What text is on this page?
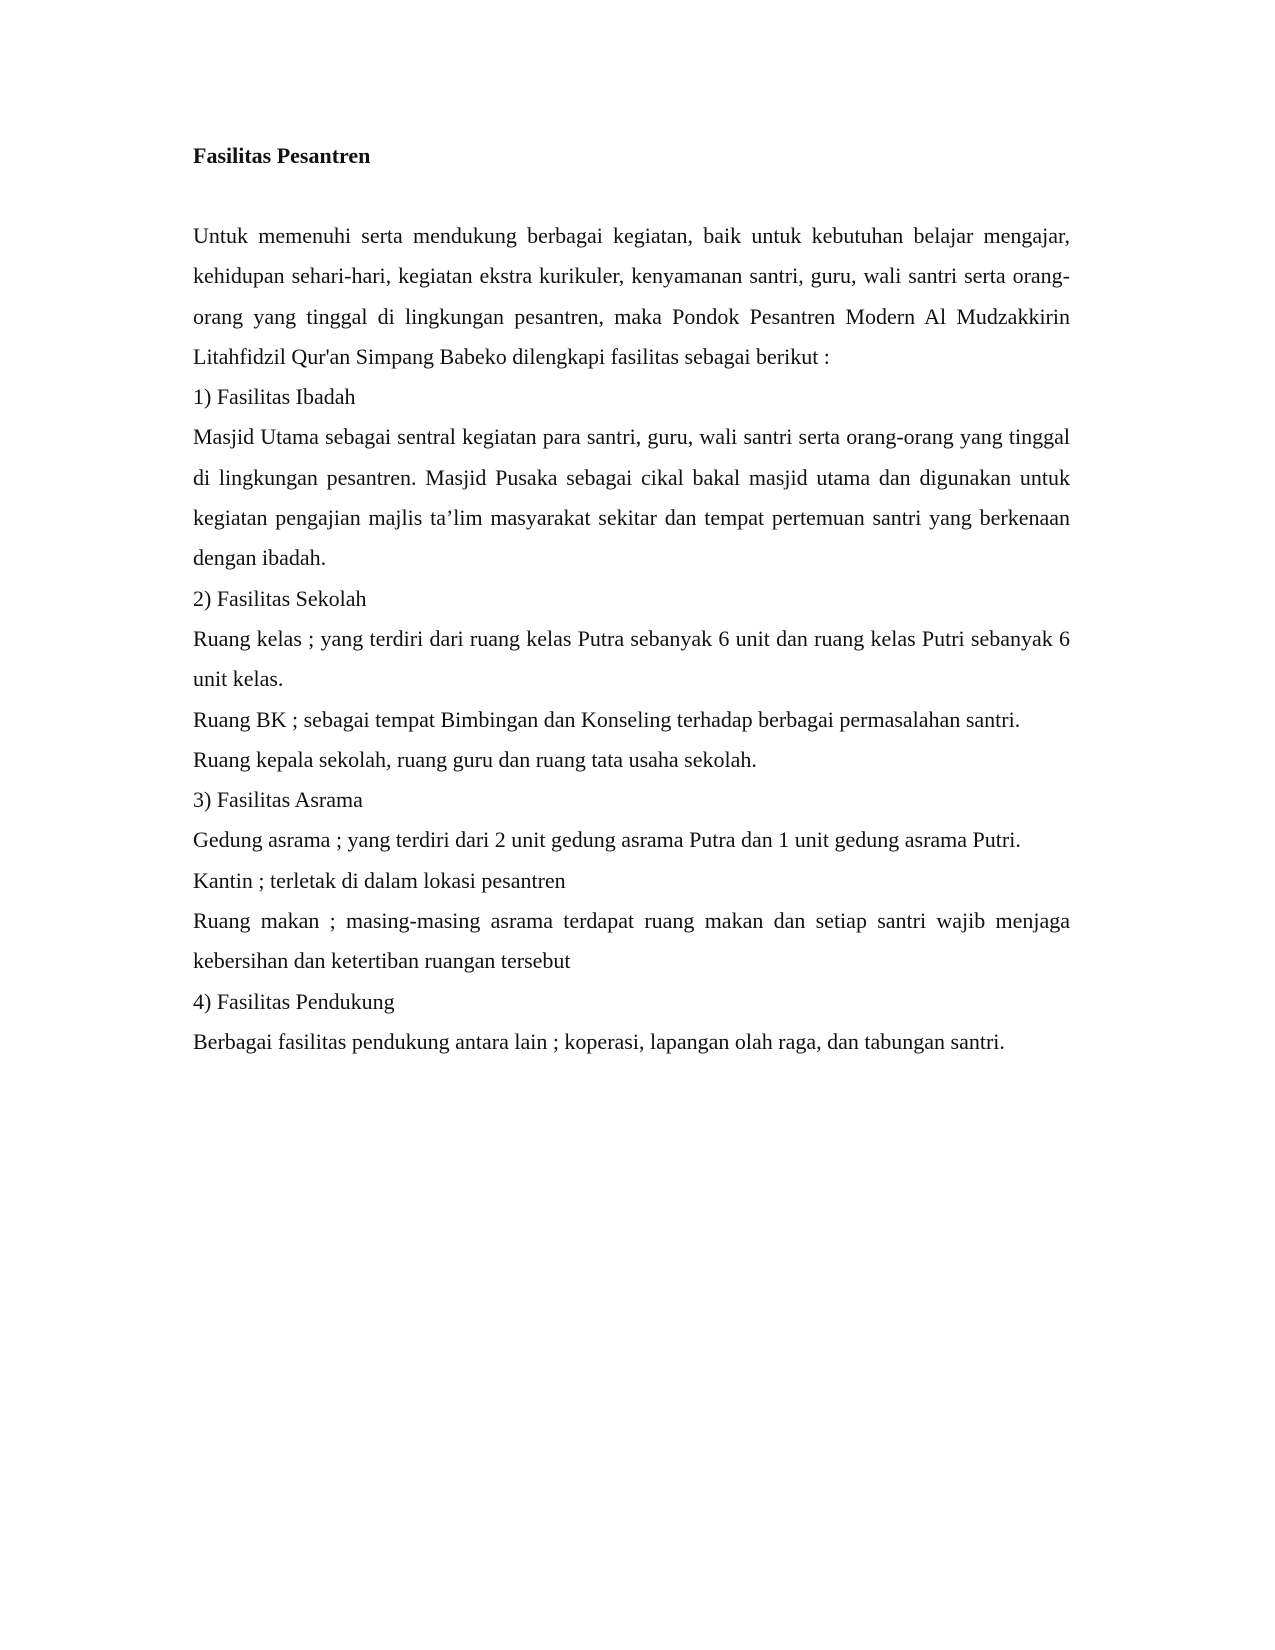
Fasilitas Pesantren

Untuk memenuhi serta mendukung berbagai kegiatan, baik untuk kebutuhan belajar mengajar, kehidupan sehari-hari, kegiatan ekstra kurikuler, kenyamanan santri, guru, wali santri serta orang-orang yang tinggal di lingkungan pesantren, maka Pondok Pesantren Modern Al Mudzakkirin Litahfidzil Qur'an Simpang Babeko dilengkapi fasilitas sebagai berikut :

1) Fasilitas Ibadah

Masjid Utama sebagai sentral kegiatan para santri, guru, wali santri serta orang-orang yang tinggal di lingkungan pesantren. Masjid Pusaka sebagai cikal bakal masjid utama dan digunakan untuk kegiatan pengajian majlis ta’lim masyarakat sekitar dan tempat pertemuan santri yang berkenaan dengan ibadah.

2) Fasilitas Sekolah

Ruang kelas ; yang terdiri dari ruang kelas Putra sebanyak 6 unit dan ruang kelas Putri sebanyak 6 unit kelas.

Ruang BK ; sebagai tempat Bimbingan dan Konseling terhadap berbagai permasalahan santri.

Ruang kepala sekolah, ruang guru dan ruang tata usaha sekolah.

3) Fasilitas Asrama

Gedung asrama ; yang terdiri dari 2 unit gedung asrama Putra dan 1 unit gedung asrama Putri.

Kantin ; terletak di dalam lokasi pesantren

Ruang makan ; masing-masing asrama terdapat ruang makan dan setiap santri wajib menjaga kebersihan dan ketertiban ruangan tersebut

4) Fasilitas Pendukung

Berbagai fasilitas pendukung antara lain ; koperasi, lapangan olah raga, dan tabungan santri.
